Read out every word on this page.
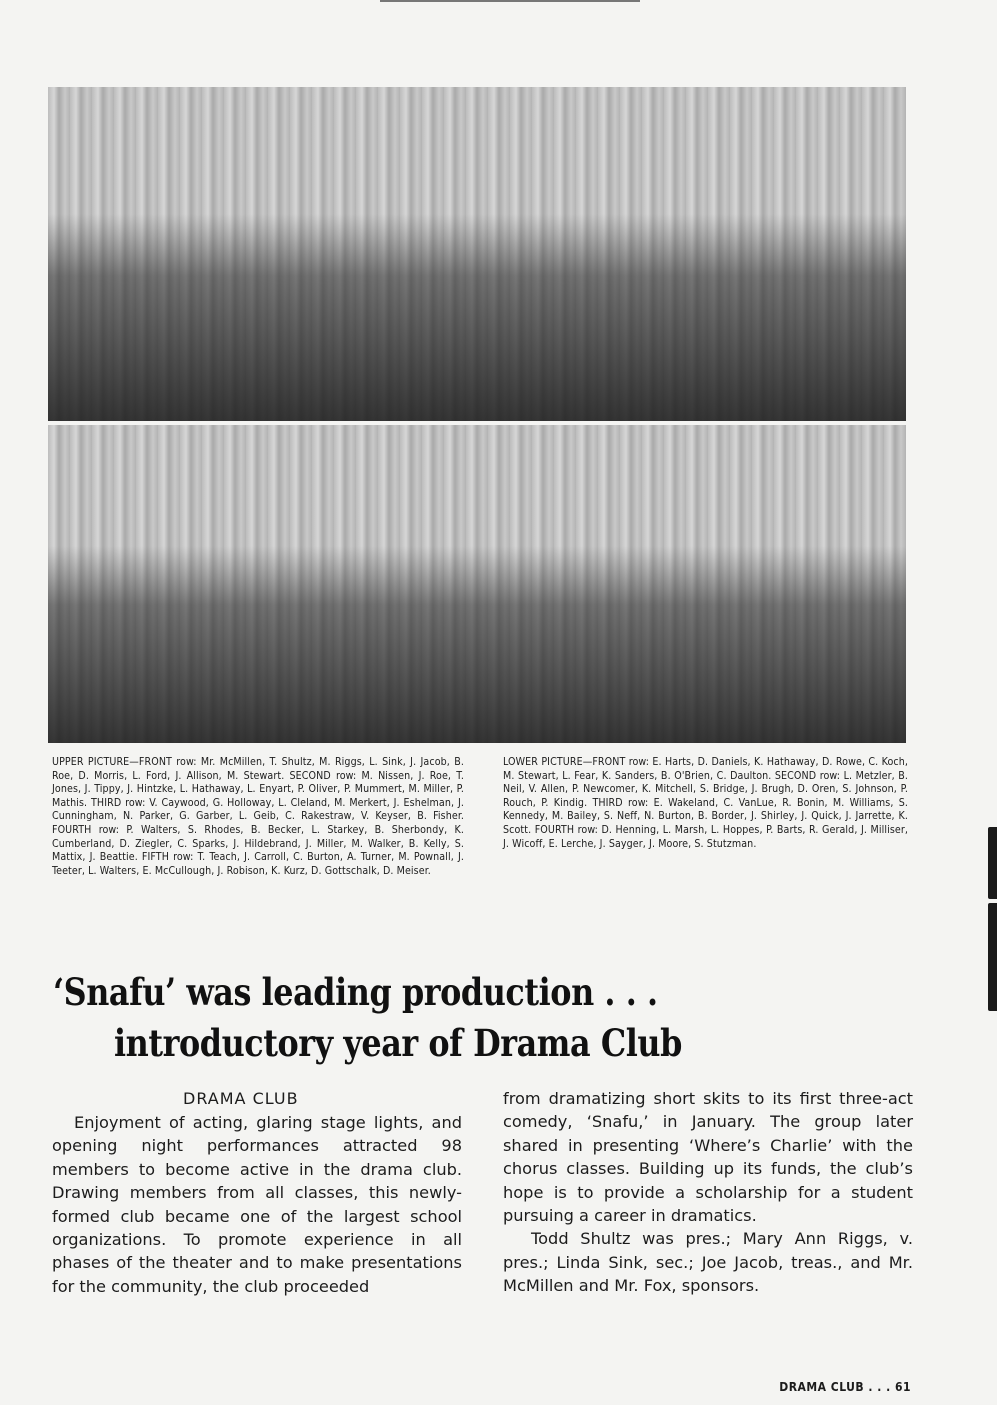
UPPER PICTURE—FRONT row: Mr. McMillen, T. Shultz, M. Riggs, L. Sink, J. Jacob, B. Roe, D. Morris, L. Ford, J. Allison, M. Stewart. SECOND row: M. Nissen, J. Roe, T. Jones, J. Tippy, J. Hintzke, L. Hathaway, L. Enyart, P. Oliver, P. Mummert, M. Miller, P. Mathis. THIRD row: V. Caywood, G. Holloway, L. Cleland, M. Merkert, J. Eshelman, J. Cunningham, N. Parker, G. Garber, L. Geib, C. Rakestraw, V. Keyser, B. Fisher. FOURTH row: P. Walters, S. Rhodes, B. Becker, L. Starkey, B. Sherbondy, K. Cumberland, D. Ziegler, C. Sparks, J. Hildebrand, J. Miller, M. Walker, B. Kelly, S. Mattix, J. Beattie. FIFTH row: T. Teach, J. Carroll, C. Burton, A. Turner, M. Pownall, J. Teeter, L. Walters, E. McCullough, J. Robison, K. Kurz, D. Gottschalk, D. Meiser.
LOWER PICTURE—FRONT row: E. Harts, D. Daniels, K. Hathaway, D. Rowe, C. Koch, M. Stewart, L. Fear, K. Sanders, B. O'Brien, C. Daulton. SECOND row: L. Metzler, B. Neil, V. Allen, P. Newcomer, K. Mitchell, S. Bridge, J. Brugh, D. Oren, S. Johnson, P. Rouch, P. Kindig. THIRD row: E. Wakeland, C. VanLue, R. Bonin, M. Williams, S. Kennedy, M. Bailey, S. Neff, N. Burton, B. Border, J. Shirley, J. Quick, J. Jarrette, K. Scott. FOURTH row: D. Henning, L. Marsh, L. Hoppes, P. Barts, R. Gerald, J. Milliser, J. Wicoff, E. Lerche, J. Sayger, J. Moore, S. Stutzman.
‘Snafu’ was leading production . . .
introductory year of Drama Club
DRAMA CLUB

Enjoyment of acting, glaring stage lights, and opening night performances attracted 98 members to become active in the drama club. Drawing members from all classes, this newly-formed club became one of the largest school organizations. To promote experience in all phases of the theater and to make presentations for the community, the club proceeded

from dramatizing short skits to its first three-act comedy, ‘Snafu,’ in January. The group later shared in presenting ‘Where’s Charlie’ with the chorus classes. Building up its funds, the club’s hope is to provide a scholarship for a student pursuing a career in dramatics.

Todd Shultz was pres.; Mary Ann Riggs, v. pres.; Linda Sink, sec.; Joe Jacob, treas., and Mr. McMillen and Mr. Fox, sponsors.

DRAMA CLUB . . . 61
